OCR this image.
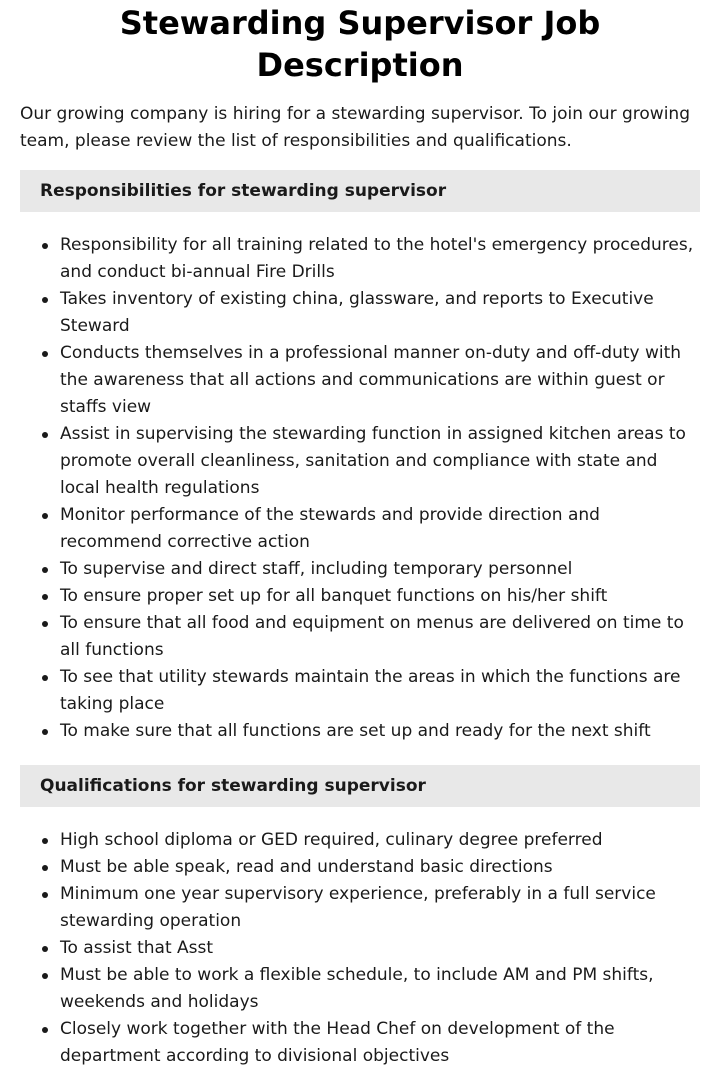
Stewarding Supervisor Job Description

Our growing company is hiring for a stewarding supervisor. To join our growing team, please review the list of responsibilities and qualifications.

Responsibilities for stewarding supervisor
Responsibility for all training related to the hotel's emergency procedures, and conduct bi-annual Fire Drills
Takes inventory of existing china, glassware, and reports to Executive Steward
Conducts themselves in a professional manner on-duty and off-duty with the awareness that all actions and communications are within guest or staffs view
Assist in supervising the stewarding function in assigned kitchen areas to promote overall cleanliness, sanitation and compliance with state and local health regulations
Monitor performance of the stewards and provide direction and recommend corrective action
To supervise and direct staff, including temporary personnel
To ensure proper set up for all banquet functions on his/her shift
To ensure that all food and equipment on menus are delivered on time to all functions
To see that utility stewards maintain the areas in which the functions are taking place
To make sure that all functions are set up and ready for the next shift
Qualifications for stewarding supervisor
High school diploma or GED required, culinary degree preferred
Must be able speak, read and understand basic directions
Minimum one year supervisory experience, preferably in a full service stewarding operation
To assist that Asst
Must be able to work a flexible schedule, to include AM and PM shifts, weekends and holidays
Closely work together with the Head Chef on development of the department according to divisional objectives
